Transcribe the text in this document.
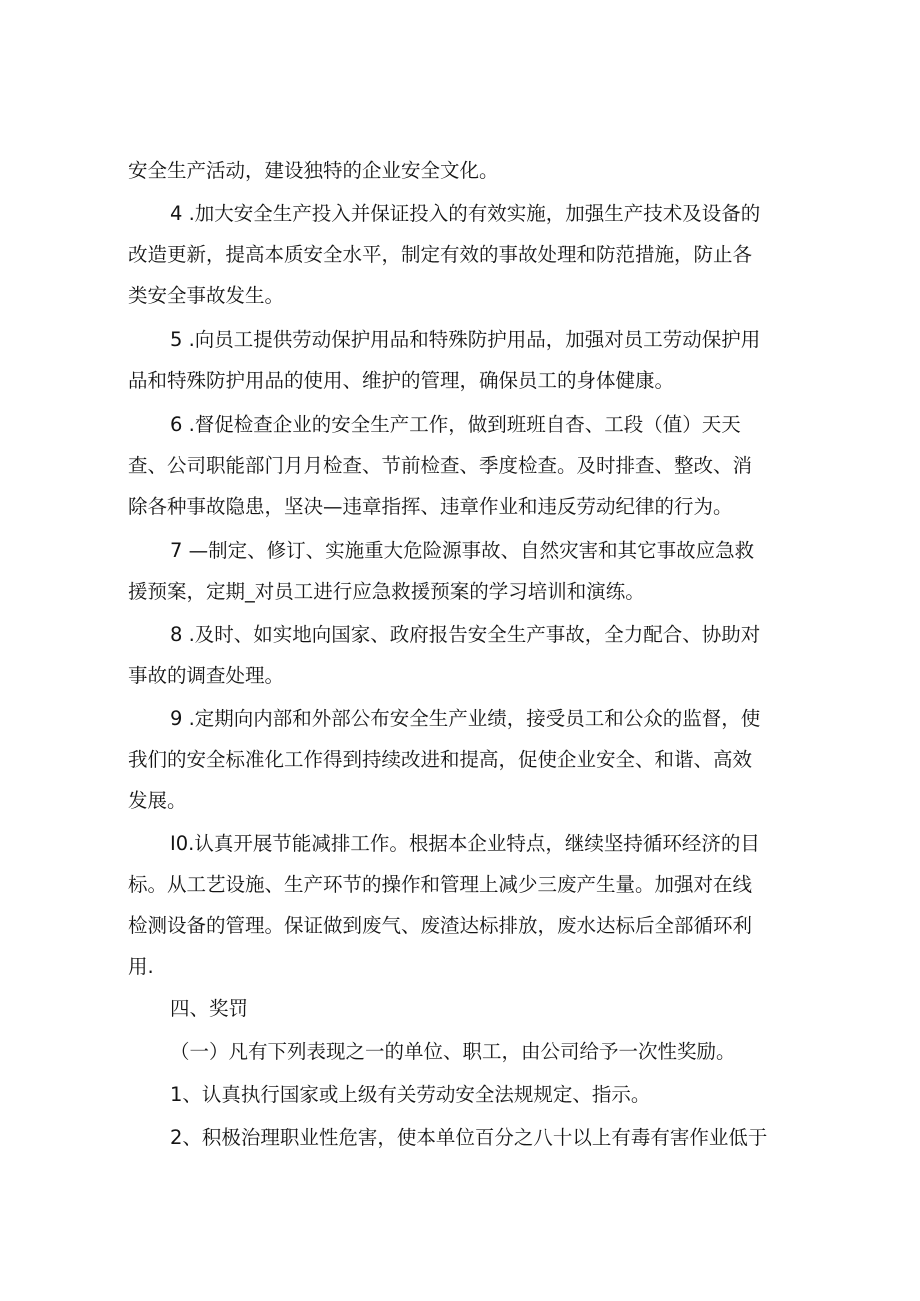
安全生产活动，建设独特的企业安全文化。
4 .加大安全生产投入并保证投入的有效实施，加强生产技术及设备的
改造更新，提高本质安全水平，制定有效的事故处理和防范措施，防止各
类安全事故发生。
5 .向员工提供劳动保护用品和特殊防护用品，加强对员工劳动保护用
品和特殊防护用品的使用、维护的管理，确保员工的身体健康。
6 .督促检查企业的安全生产工作，做到班班自杳、工段（值）天天
查、公司职能部门月月检查、节前检查、季度检查。及时排查、整改、消
除各种事故隐患，坚决—违章指挥、违章作业和违反劳动纪律的行为。
7 —制定、修订、实施重大危险源事故、自然灾害和其它事故应急救
援预案，定期_对员工进行应急救援预案的学习培训和演练。
8 .及时、如实地向国家、政府报告安全生产事故，全力配合、协助对
事故的调查处理。
9 .定期向内部和外部公布安全生产业绩，接受员工和公众的监督，使
我们的安全标准化工作得到持续改进和提高，促使企业安全、和谐、高效
发展。
I0.认真开展节能减排工作。根据本企业特点，继续坚持循环经济的目
标。从工艺设施、生产环节的操作和管理上减少三废产生量。加强对在线
检测设备的管理。保证做到废气、废渣达标排放，废水达标后全部循环利
用.
四、奖罚
（一）凡有下列表现之一的单位、职工，由公司给予一次性奖励。
1、认真执行国家或上级有关劳动安全法规规定、指示。
2、积极治理职业性危害，使本单位百分之八十以上有毒有害作业低于
